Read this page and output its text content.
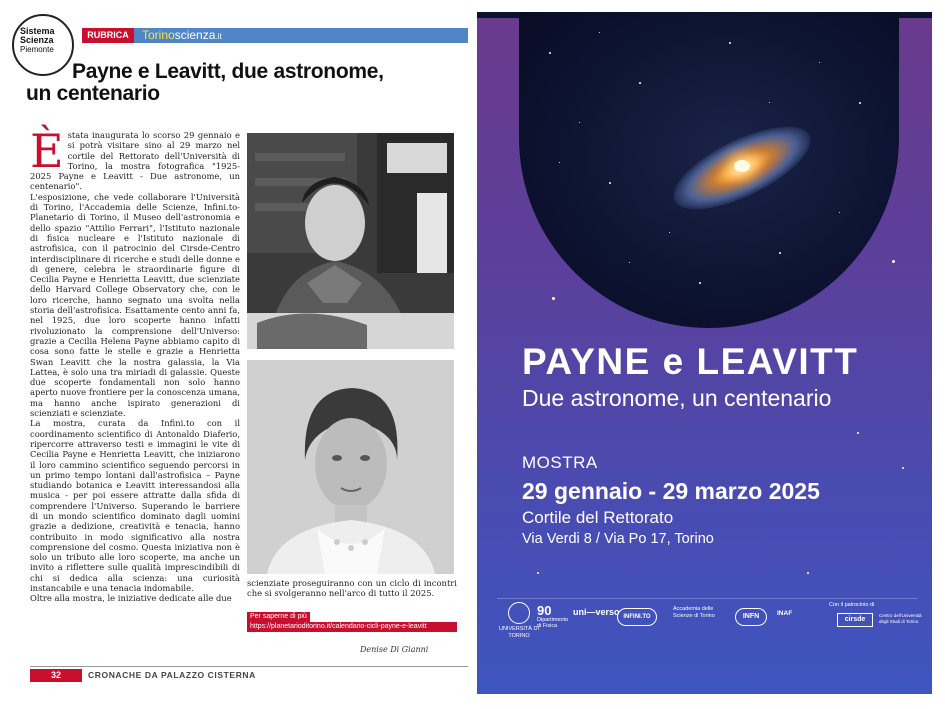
Sistema
Scienza
Piemonte
RUBRICA	Torinoscienza.it
Payne e Leavitt, due astronome,
un centenario
È stata inaugurata lo scorso 29 gennaio e si potrà visitare sino al 29 marzo nel cortile del Rettorato dell'Università di Torino, la mostra fotografica "1925-2025 Payne e Leavitt - Due astronome, un centenario".

L'esposizione, che vede collaborare l'Università di Torino, l'Accademia delle Scienze, Infini.to-Planetario di Torino, il Museo dell'astronomia e dello spazio "Attilio Ferrari", l'Istituto nazionale di fisica nucleare e l'Istituto nazionale di astrofisica, con il patrocinio del Cirsde-Centro interdisciplinare di ricerche e studi delle donne e di genere, celebra le straordinarie figure di Cecilia Payne e Henrietta Leavitt, due scienziate dello Harvard College Observatory che, con le loro ricerche, hanno segnato una svolta nella storia dell'astrofisica. Esattamente cento anni fa, nel 1925, due loro scoperte hanno infatti rivoluzionato la comprensione dell'Universo: grazie a Cecilia Helena Payne abbiamo capito di cosa sono fatte le stelle e grazie a Henrietta Swan Leavitt che la nostra galassia, la Via Lattea, è solo una tra miriadi di galassie. Queste due scoperte fondamentali non solo hanno aperto nuove frontiere per la conoscenza umana, ma hanno anche ispirato generazioni di scienziati e scienziate.

La mostra, curata da Infini.to con il coordinamento scientifico di Antonaldo Diaferio, ripercorre attraverso testi e immagini le vite di Cecilia Payne e Henrietta Leavitt, che iniziarono il loro cammino scientifico seguendo percorsi in un primo tempo lontani dall'astrofisica – Payne studiando botanica e Leavitt interessandosi alla musica - per poi essere attratte dalla sfida di comprendere l'Universo. Superando le barriere di un mondo scientifico dominato dagli uomini grazie a dedizione, creatività e tenacia, hanno contribuito in modo significativo alla nostra comprensione del cosmo. Questa iniziativa non è solo un tributo alle loro scoperte, ma anche un invito a riflettere sulle qualità imprescindibili di chi si dedica alla scienza: una curiosità instancabile e una tenacia indomabile.

Oltre alla mostra, le iniziative dedicate alle due

scienziate proseguiranno con un ciclo di incontri che si svolgeranno nell'arco di tutto il 2025.

Per saperne di più
https://planetarioditorino.it/calendario-cicli-payne-e-leavitt
Denise Di Gianni
32	CRONACHE DA PALAZZO CISTERNA
PAYNE e LEAVITT
Due astronome, un centenario
MOSTRA
29 gennaio - 29 marzo 2025
Cortile del Rettorato
Via Verdi 8 / Via Po 17, Torino
UNIVERSITÀ DI TORINO
90
Dipartimento di Fisica
uni—verso INFINI.TO
Accademia delle Scienze di Torino	INFN	INAF
Con il patrocinio di
cirsde
Centro dell'Università degli Studi di Torino
